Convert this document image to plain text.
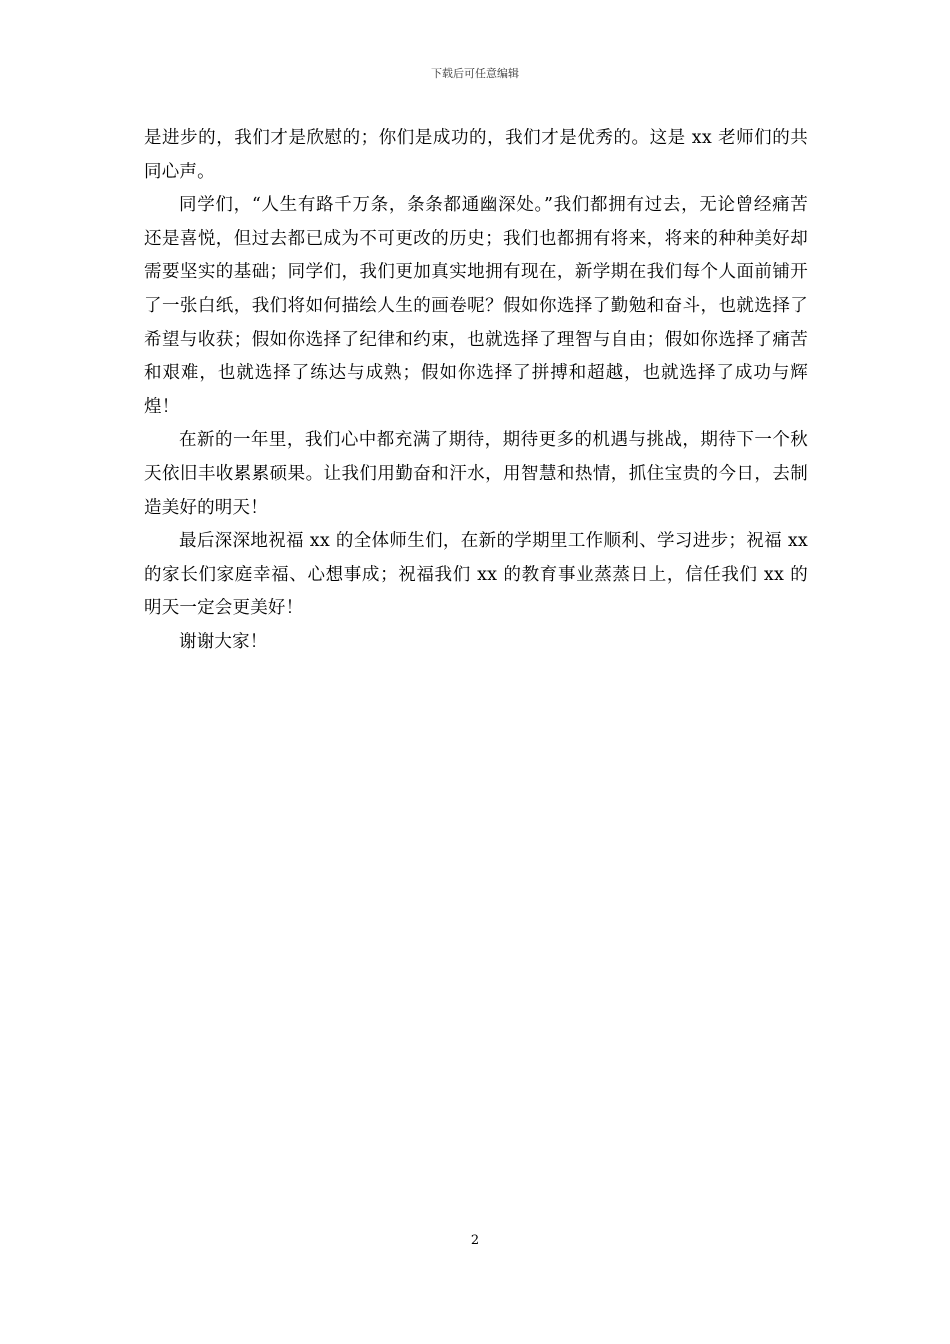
下载后可任意编辑

是进步的，我们才是欣慰的；你们是成功的，我们才是优秀的。这是 xx 老师们的共同心声。

同学们，“人生有路千万条，条条都通幽深处。”我们都拥有过去，无论曾经痛苦还是喜悦，但过去都已成为不可更改的历史；我们也都拥有将来，将来的种种美好却需要坚实的基础；同学们，我们更加真实地拥有现在，新学期在我们每个人面前铺开了一张白纸，我们将如何描绘人生的画卷呢？假如你选择了勤勉和奋斗，也就选择了希望与收获；假如你选择了纪律和约束，也就选择了理智与自由；假如你选择了痛苦和艰难，也就选择了练达与成熟；假如你选择了拼搏和超越，也就选择了成功与辉煌！

在新的一年里，我们心中都充满了期待，期待更多的机遇与挑战，期待下一个秋天依旧丰收累累硕果。让我们用勤奋和汗水，用智慧和热情，抓住宝贵的今日，去制造美好的明天！

最后深深地祝福 xx 的全体师生们，在新的学期里工作顺利、学习进步；祝福 xx 的家长们家庭幸福、心想事成；祝福我们 xx 的教育事业蒸蒸日上，信任我们 xx 的明天一定会更美好！

谢谢大家！

2
